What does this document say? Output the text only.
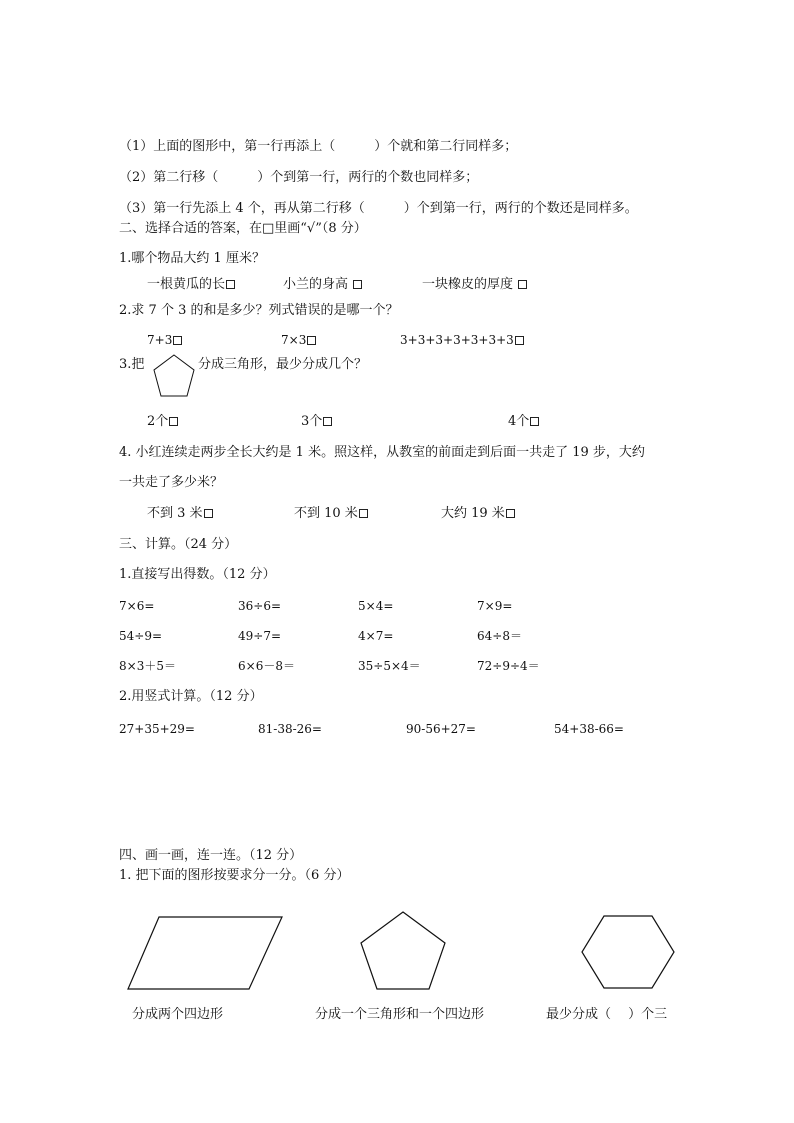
（1）上面的图形中，第一行再添上（　　　）个就和第二行同样多；
（2）第二行移（　　　）个到第一行，两行的个数也同样多；
（3）第一行先添上 4 个，再从第二行移（　　　）个到第一行，两行的个数还是同样多。
二、选择合适的答案，在□里画“√”（8 分）
1.哪个物品大约 1 厘米？
一根黄瓜的长	小兰的身高	一块橡皮的厚度
2.求 7 个 3 的和是多少？列式错误的是哪一个？
7+3	7×3	3+3+3+3+3+3+3
3.把	分成三角形，最少分成几个？
2个	3个	4个
4. 小红连续走两步全长大约是 1 米。照这样，从教室的前面走到后面一共走了 19 步，大约
一共走了多少米？
不到 3 米	不到 10 米	大约 19 米
三、计算。（24 分）
1.直接写出得数。（12 分）
7×6=	36÷6=	5×4=	7×9=
54÷9=	49÷7=	4×7=	64÷8＝
8×3＋5＝	6×6－8＝	35÷5×4＝	72÷9÷4＝
2.用竖式计算。（12 分）
27+35+29=	81-38-26=	90-56+27=	54+38-66=
四、画一画，连一连。（12 分）
1. 把下面的图形按要求分一分。（6 分）
分成两个四边形	分成一个三角形和一个四边形	最少分成（　 ）个三
